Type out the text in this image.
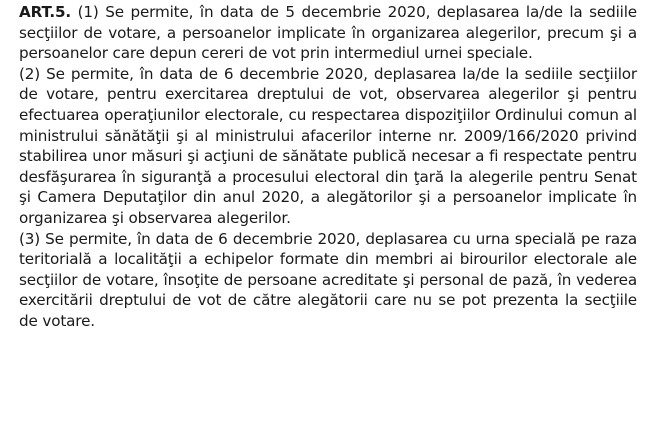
ART.5. (1) Se permite, în data de 5 decembrie 2020, deplasarea la/de la sediile secţiilor de votare, a persoanelor implicate în organizarea alegerilor, precum şi a persoanelor care depun cereri de vot prin intermediul urnei speciale.

(2) Se permite, în data de 6 decembrie 2020, deplasarea la/de la sediile secţiilor de votare, pentru exercitarea dreptului de vot, observarea alegerilor şi pentru efectuarea operaţiunilor electorale, cu respectarea dispoziţiilor Ordinului comun al ministrului sănătăţii şi al ministrului afacerilor interne nr. 2009/166/2020 privind stabilirea unor măsuri şi acţiuni de sănătate publică necesar a fi respectate pentru desfăşurarea în siguranţă a procesului electoral din ţară la alegerile pentru Senat şi Camera Deputaţilor din anul 2020, a alegătorilor şi a persoanelor implicate în organizarea şi observarea alegerilor.

(3) Se permite, în data de 6 decembrie 2020, deplasarea cu urna specială pe raza teritorială a localităţii a echipelor formate din membri ai birourilor electorale ale secţiilor de votare, însoţite de persoane acreditate şi personal de pază, în vederea exercitării dreptului de vot de către alegătorii care nu se pot prezenta la secţiile de votare.
